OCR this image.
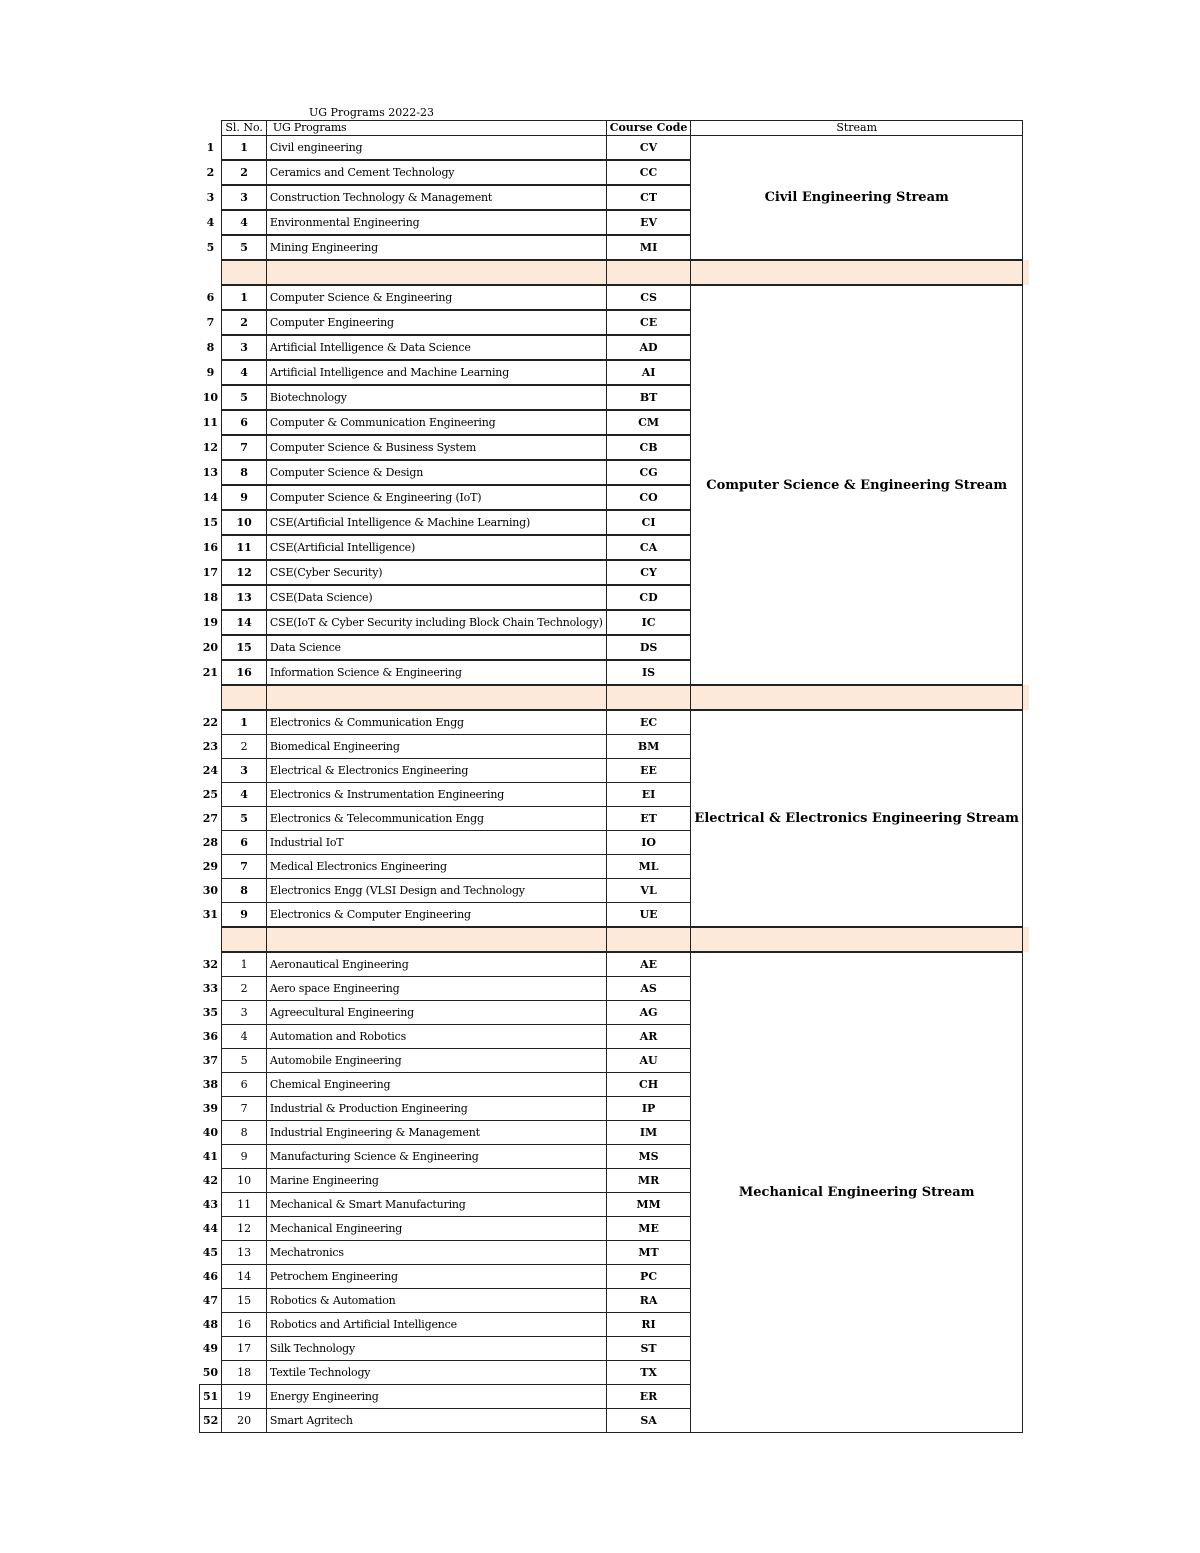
UG Programs 2022-23
	Sl. No.	UG Programs	Course Code	Stream	
1	1	Civil engineering	CV	Civil Engineering Stream	
2	2	Ceramics and Cement Technology	CC		
3	3	Construction Technology & Management	CT		
4	4	Environmental Engineering	EV		
5	5	Mining Engineering	MI		

6	1	Computer Science & Engineering	CS	Computer Science & Engineering Stream	
7	2	Computer Engineering	CE		
8	3	Artificial Intelligence & Data Science	AD		
9	4	Artificial Intelligence and Machine Learning	AI		
10	5	Biotechnology	BT		
11	6	Computer & Communication Engineering	CM		
12	7	Computer Science & Business System	CB		
13	8	Computer Science & Design	CG		
14	9	Computer Science & Engineering (IoT)	CO		
15	10	CSE(Artificial Intelligence & Machine Learning)	CI		
16	11	CSE(Artificial Intelligence)	CA		
17	12	CSE(Cyber Security)	CY		
18	13	CSE(Data Science)	CD		
19	14	CSE(IoT & Cyber Security including Block Chain Technology)	IC		
20	15	Data Science	DS		
21	16	Information Science & Engineering	IS		

22	1	Electronics & Communication Engg	EC	Electrical & Electronics Engineering Stream	
23	2	Biomedical Engineering	BM		
24	3	Electrical & Electronics Engineering	EE		
25	4	Electronics & Instrumentation Engineering	EI		
27	5	Electronics & Telecommunication Engg	ET		
28	6	Industrial IoT	IO		
29	7	Medical Electronics Engineering	ML		
30	8	Electronics Engg (VLSI Design and Technology	VL		
31	9	Electronics & Computer Engineering	UE		

32	1	Aeronautical Engineering	AE	Mechanical Engineering Stream	
33	2	Aero space Engineering	AS		
35	3	Agreecultural Engineering	AG		
36	4	Automation and Robotics	AR		
37	5	Automobile Engineering	AU		
38	6	Chemical Engineering	CH		
39	7	Industrial & Production Engineering	IP		
40	8	Industrial Engineering & Management	IM		
41	9	Manufacturing Science & Engineering	MS		
42	10	Marine Engineering	MR		
43	11	Mechanical & Smart Manufacturing	MM		
44	12	Mechanical Engineering	ME		
45	13	Mechatronics	MT		
46	14	Petrochem Engineering	PC		
47	15	Robotics & Automation	RA		
48	16	Robotics and Artificial Intelligence	RI		
49	17	Silk Technology	ST		
50	18	Textile Technology	TX		
51	19	Energy Engineering	ER		
52	20	Smart Agritech	SA		
